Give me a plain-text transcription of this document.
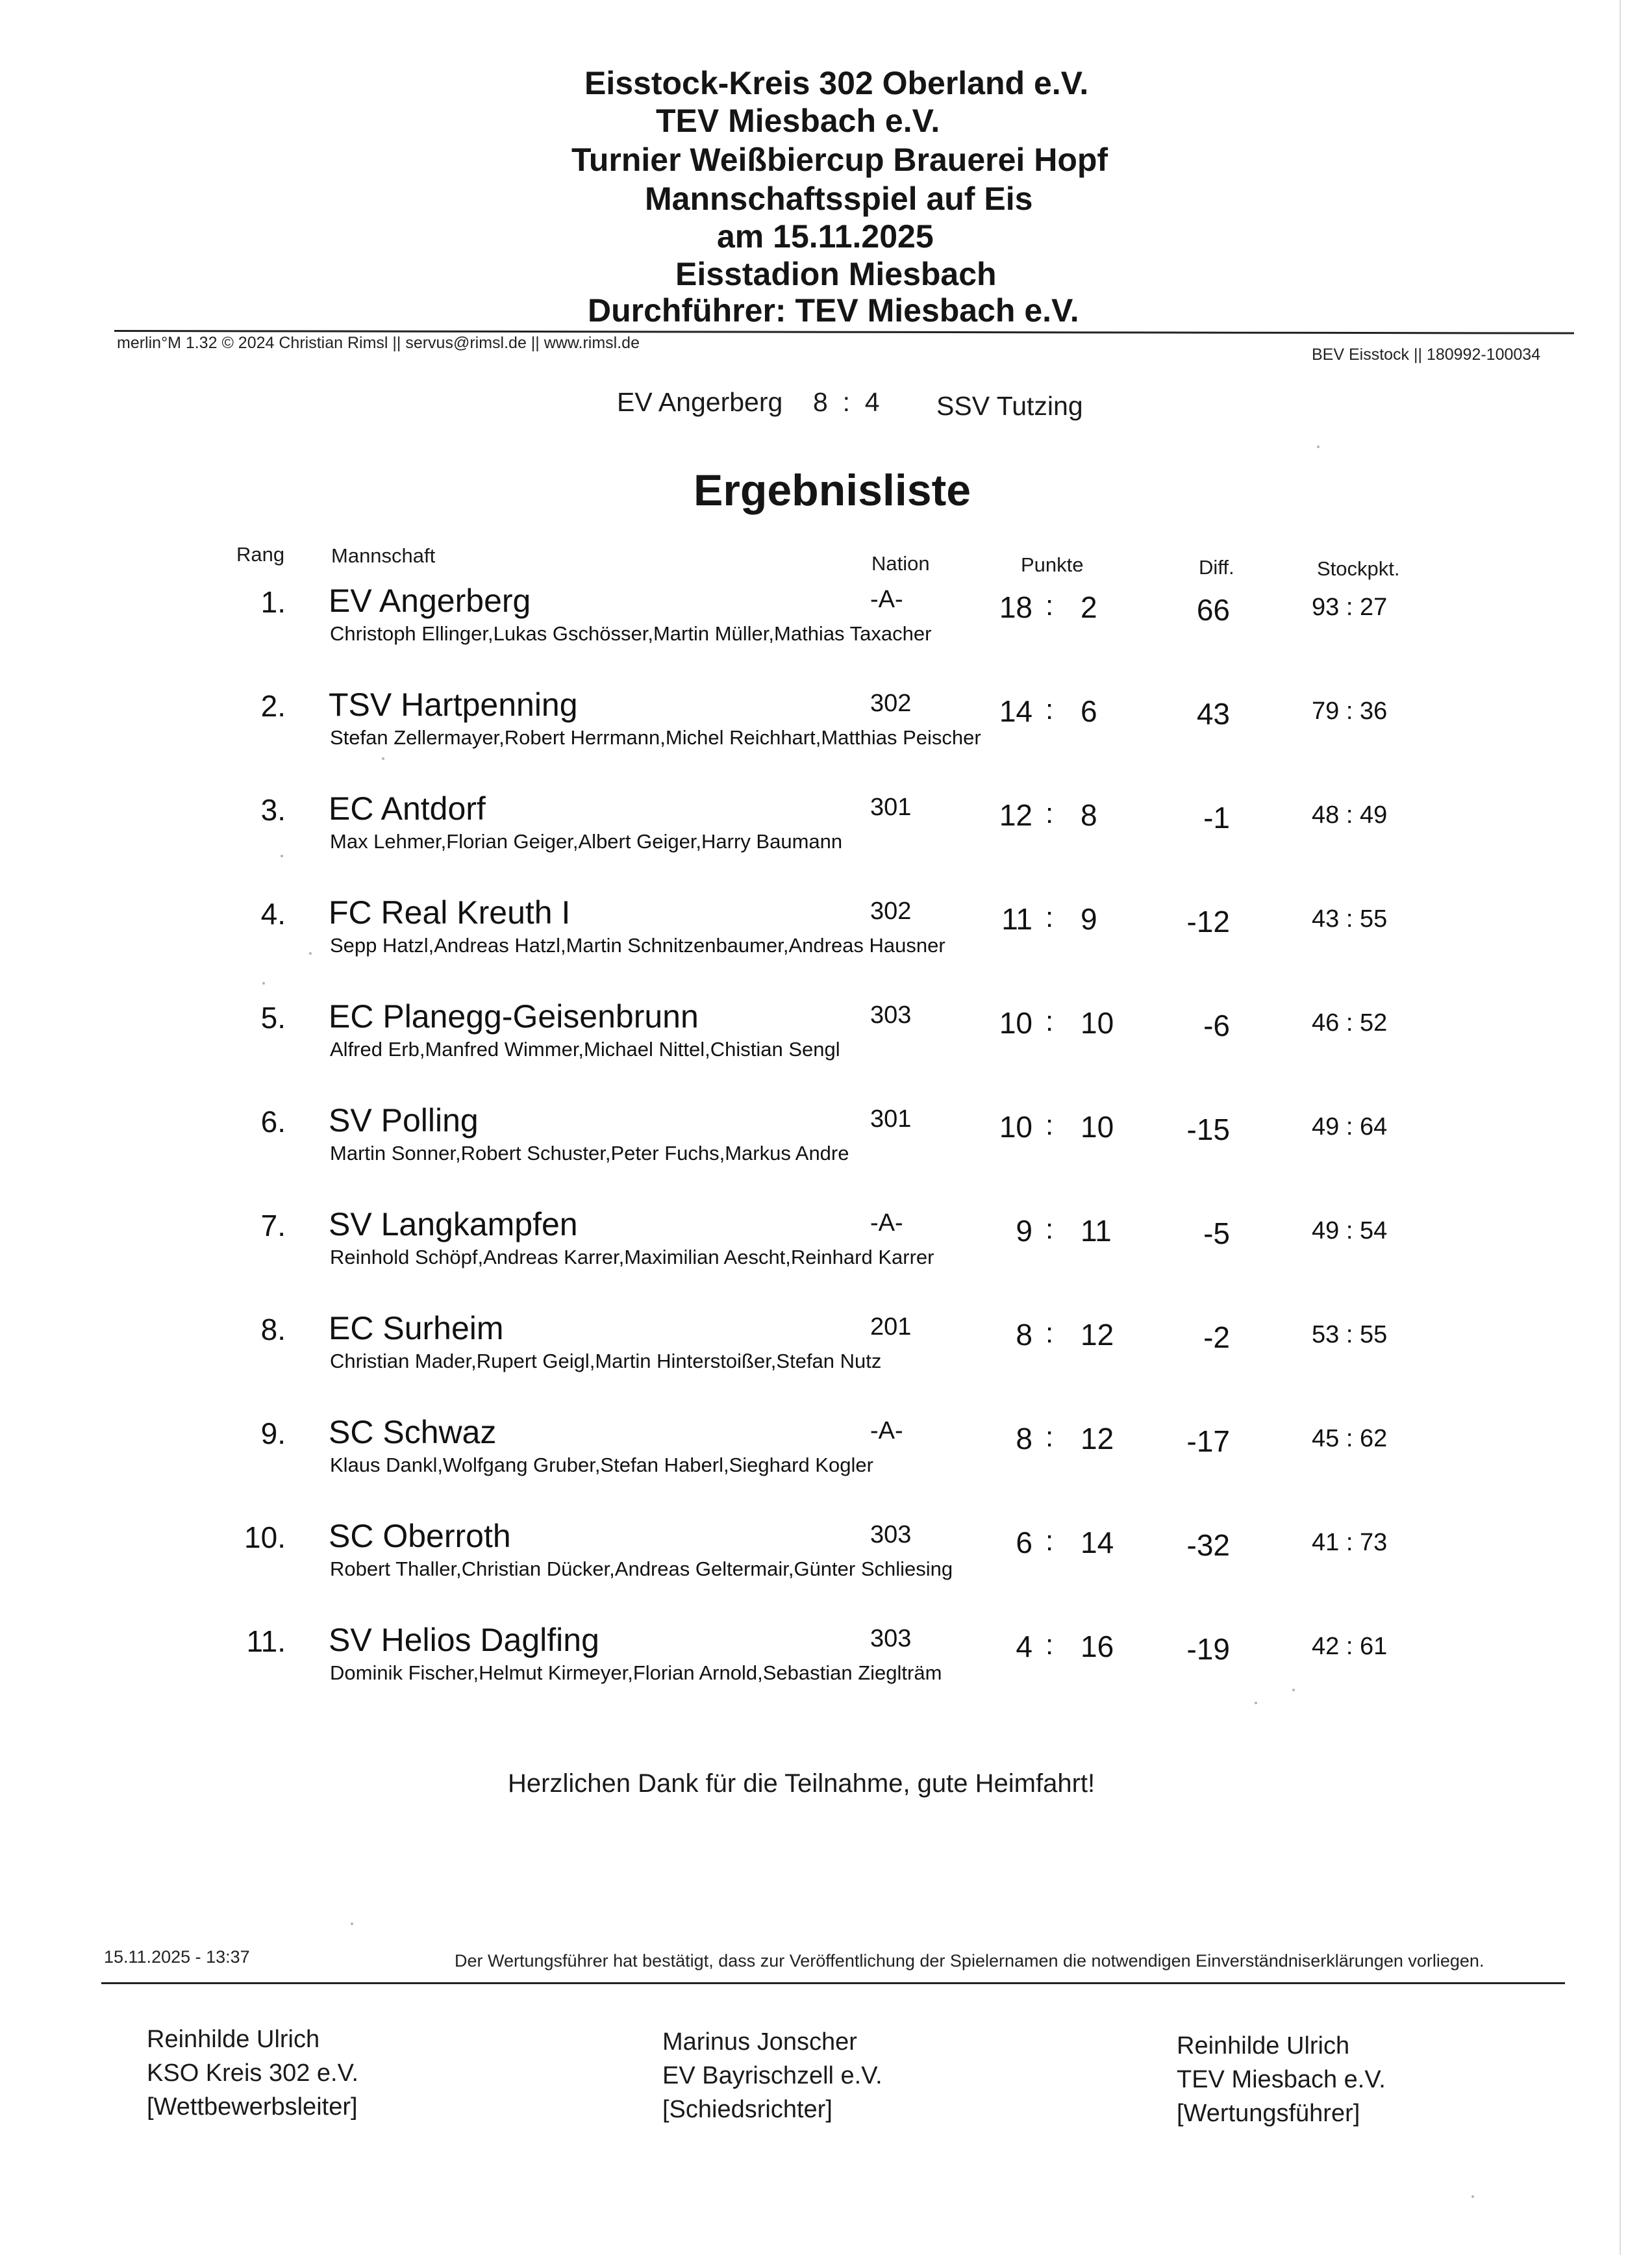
Eisstock-Kreis 302 Oberland e.V.
TEV Miesbach e.V.
Turnier Weißbiercup Brauerei Hopf
Mannschaftsspiel auf Eis
am 15.11.2025
Eisstadion Miesbach
Durchführer: TEV Miesbach e.V.
merlin°M 1.32 © 2024 Christian Rimsl || servus@rimsl.de || www.rimsl.de
BEV Eisstock || 180992-100034
EV Angerberg 8  :  4 SSV Tutzing
Ergebnisliste
Rang Mannschaft	Nation	Punkte	Diff.	Stockpkt.
1. EV Angerberg
Christoph Ellinger,Lukas Gschösser,Martin Müller,Mathias Taxacher
-A-	18 : 2	66	93 : 27
2. TSV Hartpenning
Stefan Zellermayer,Robert Herrmann,Michel Reichhart,Matthias Peischer
302	14 : 6	43	79 : 36
3. EC Antdorf
Max Lehmer,Florian Geiger,Albert Geiger,Harry Baumann
301	12 : 8	-1	48 : 49
4. FC Real Kreuth I
Sepp Hatzl,Andreas Hatzl,Martin Schnitzenbaumer,Andreas Hausner
302	11 : 9	-12	43 : 55
5. EC Planegg-Geisenbrunn
Alfred Erb,Manfred Wimmer,Michael Nittel,Chistian Sengl
303	10 : 10	-6	46 : 52
6. SV Polling
Martin Sonner,Robert Schuster,Peter Fuchs,Markus Andre
301	10 : 10	-15	49 : 64
7. SV Langkampfen
Reinhold Schöpf,Andreas Karrer,Maximilian Aescht,Reinhard Karrer
-A-	9 : 11	-5	49 : 54
8. EC Surheim
Christian Mader,Rupert Geigl,Martin Hinterstoißer,Stefan Nutz
201	8 : 12	-2	53 : 55
9. SC Schwaz
Klaus Dankl,Wolfgang Gruber,Stefan Haberl,Sieghard Kogler
-A-	8 : 12	-17	45 : 62
10. SC Oberroth
Robert Thaller,Christian Dücker,Andreas Geltermair,Günter Schliesing
303	6 : 14	-32	41 : 73
11. SV Helios Daglfing
Dominik Fischer,Helmut Kirmeyer,Florian Arnold,Sebastian Zieglträm
303	4 : 16	-19	42 : 61
Herzlichen Dank für die Teilnahme, gute Heimfahrt!
15.11.2025 - 13:37	Der Wertungsführer hat bestätigt, dass zur Veröffentlichung der Spielernamen die notwendigen Einverständniserklärungen vorliegen.
Reinhilde Ulrich
KSO Kreis 302 e.V.
[Wettbewerbsleiter]
Marinus Jonscher
EV Bayrischzell e.V.
[Schiedsrichter]
Reinhilde Ulrich
TEV Miesbach e.V.
[Wertungsführer]
